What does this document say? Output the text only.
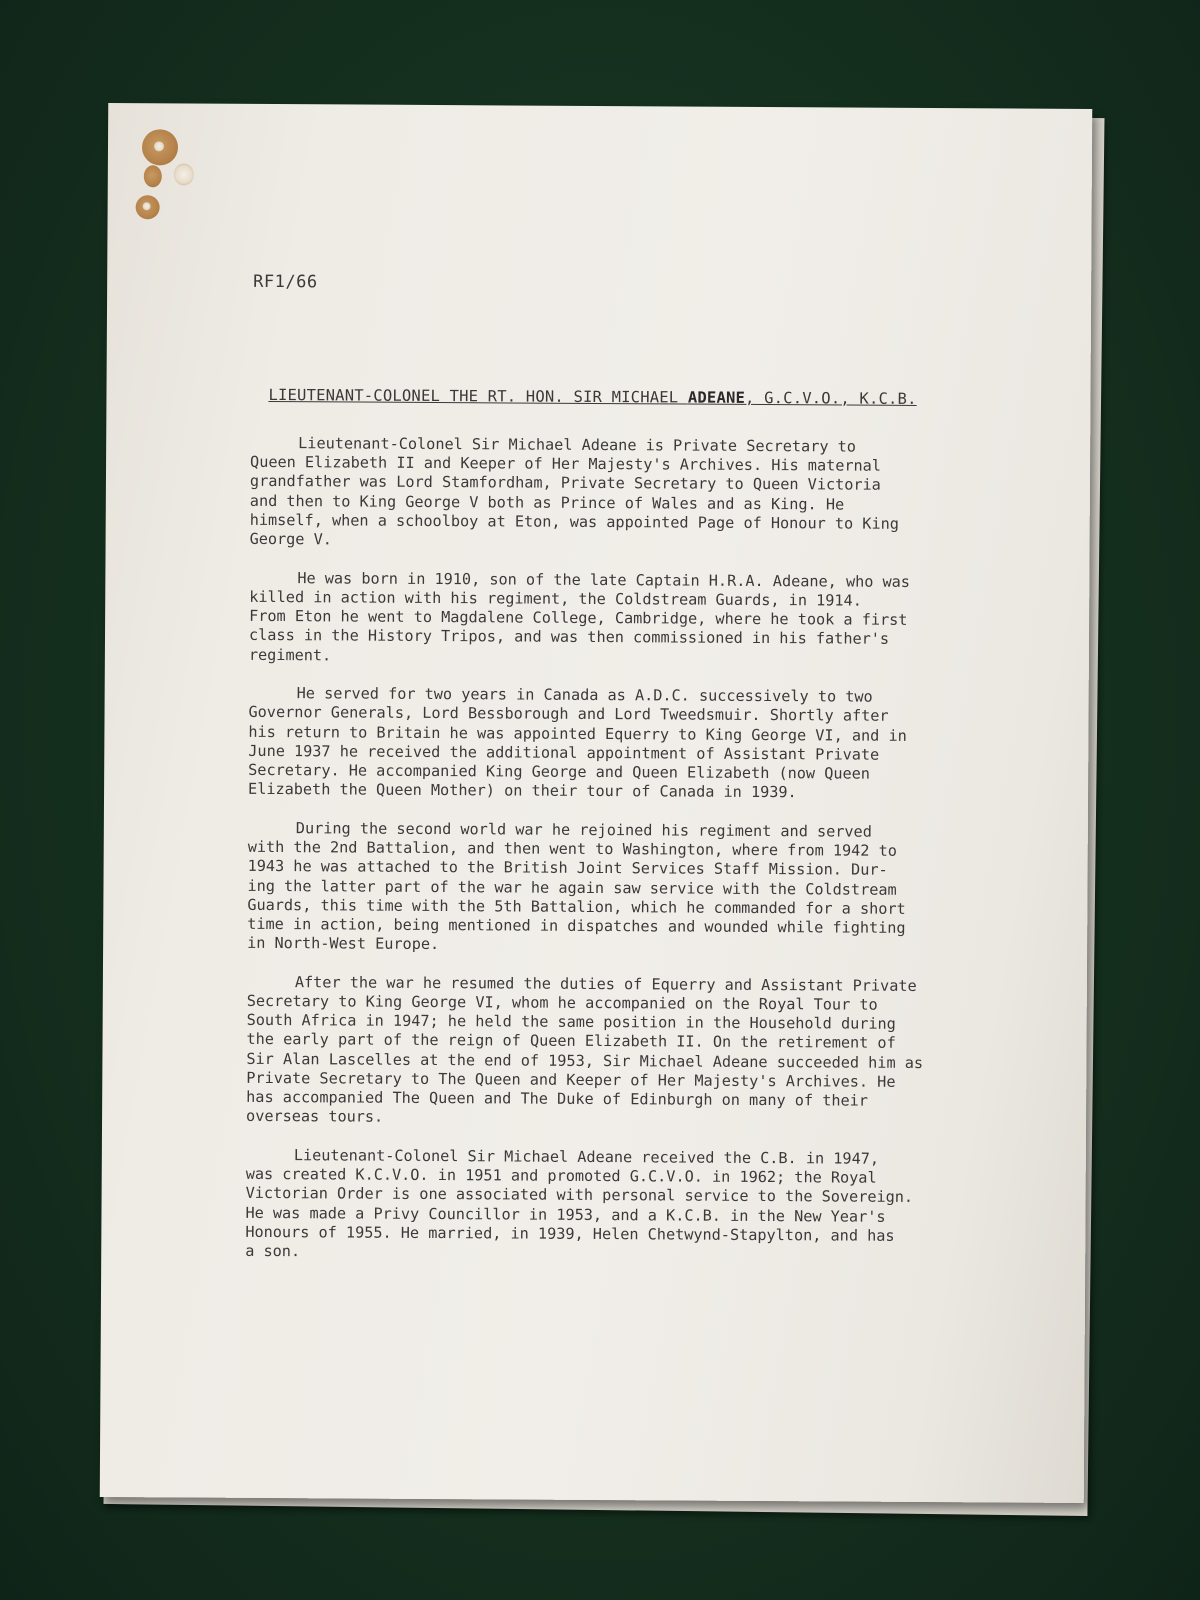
RF1/66
LIEUTENANT-COLONEL THE RT. HON. SIR MICHAEL ADEANE, G.C.V.O., K.C.B.
Lieutenant-Colonel Sir Michael Adeane is Private Secretary to
Queen Elizabeth II and Keeper of Her Majesty's Archives. His maternal
grandfather was Lord Stamfordham, Private Secretary to Queen Victoria
and then to King George V both as Prince of Wales and as King. He
himself, when a schoolboy at Eton, was appointed Page of Honour to King
George V.
He was born in 1910, son of the late Captain H.R.A. Adeane, who was
killed in action with his regiment, the Coldstream Guards, in 1914.
From Eton he went to Magdalene College, Cambridge, where he took a first
class in the History Tripos, and was then commissioned in his father's
regiment.
He served for two years in Canada as A.D.C. successively to two
Governor Generals, Lord Bessborough and Lord Tweedsmuir. Shortly after
his return to Britain he was appointed Equerry to King George VI, and in
June 1937 he received the additional appointment of Assistant Private
Secretary. He accompanied King George and Queen Elizabeth (now Queen
Elizabeth the Queen Mother) on their tour of Canada in 1939.
During the second world war he rejoined his regiment and served
with the 2nd Battalion, and then went to Washington, where from 1942 to
1943 he was attached to the British Joint Services Staff Mission. Dur-
ing the latter part of the war he again saw service with the Coldstream
Guards, this time with the 5th Battalion, which he commanded for a short
time in action, being mentioned in dispatches and wounded while fighting
in North-West Europe.
After the war he resumed the duties of Equerry and Assistant Private
Secretary to King George VI, whom he accompanied on the Royal Tour to
South Africa in 1947; he held the same position in the Household during
the early part of the reign of Queen Elizabeth II. On the retirement of
Sir Alan Lascelles at the end of 1953, Sir Michael Adeane succeeded him as
Private Secretary to The Queen and Keeper of Her Majesty's Archives. He
has accompanied The Queen and The Duke of Edinburgh on many of their
overseas tours.
Lieutenant-Colonel Sir Michael Adeane received the C.B. in 1947,
was created K.C.V.O. in 1951 and promoted G.C.V.O. in 1962; the Royal
Victorian Order is one associated with personal service to the Sovereign.
He was made a Privy Councillor in 1953, and a K.C.B. in the New Year's
Honours of 1955. He married, in 1939, Helen Chetwynd-Stapylton, and has
a son.
